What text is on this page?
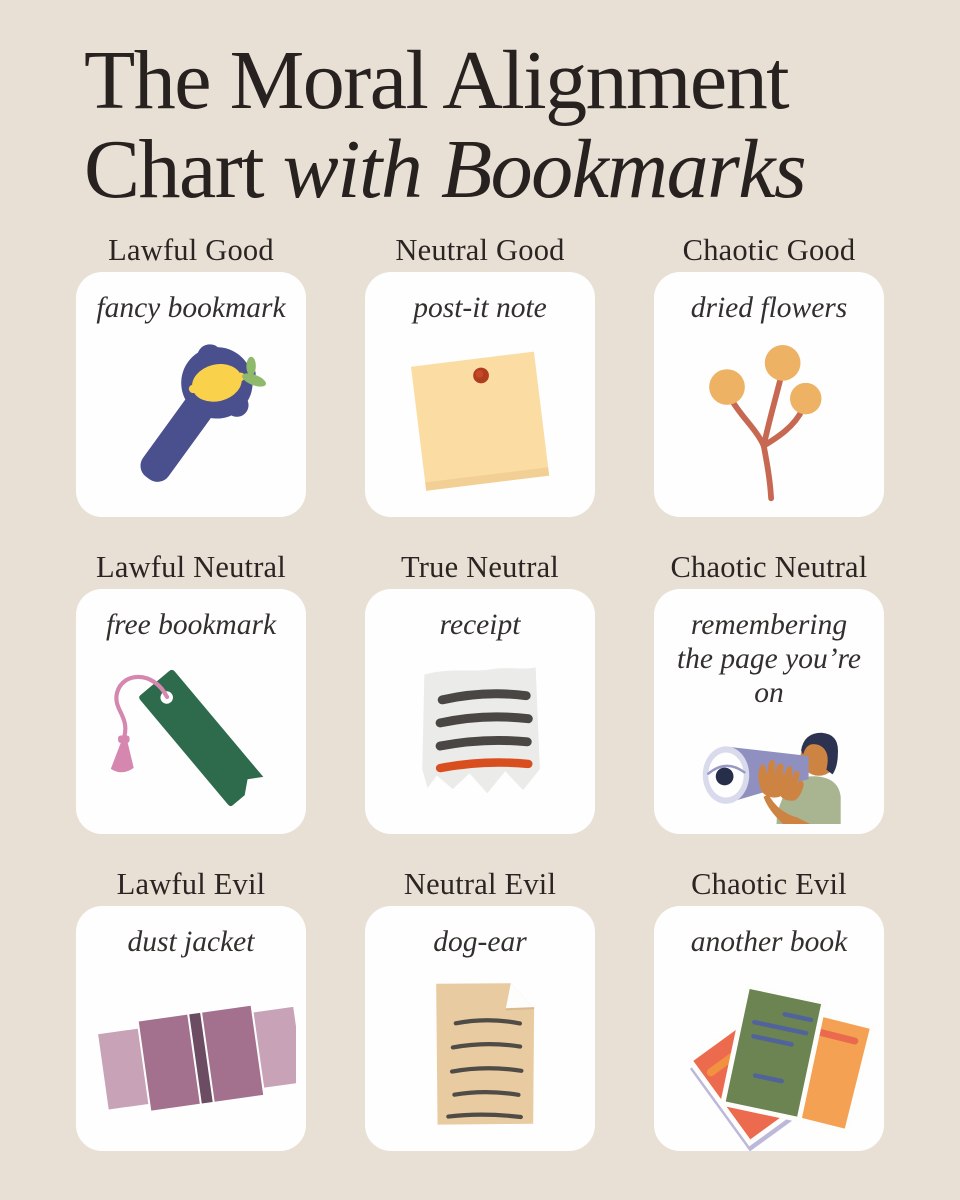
The Moral Alignment
Chart with Bookmarks
Lawful Good
fancy bookmark
Neutral Good
post-it note
Chaotic Good
dried flowers
Lawful Neutral
free bookmark
True Neutral
receipt
Chaotic Neutral
remembering the page you’re on
Lawful Evil
dust jacket
Neutral Evil
dog-ear
Chaotic Evil
another book
